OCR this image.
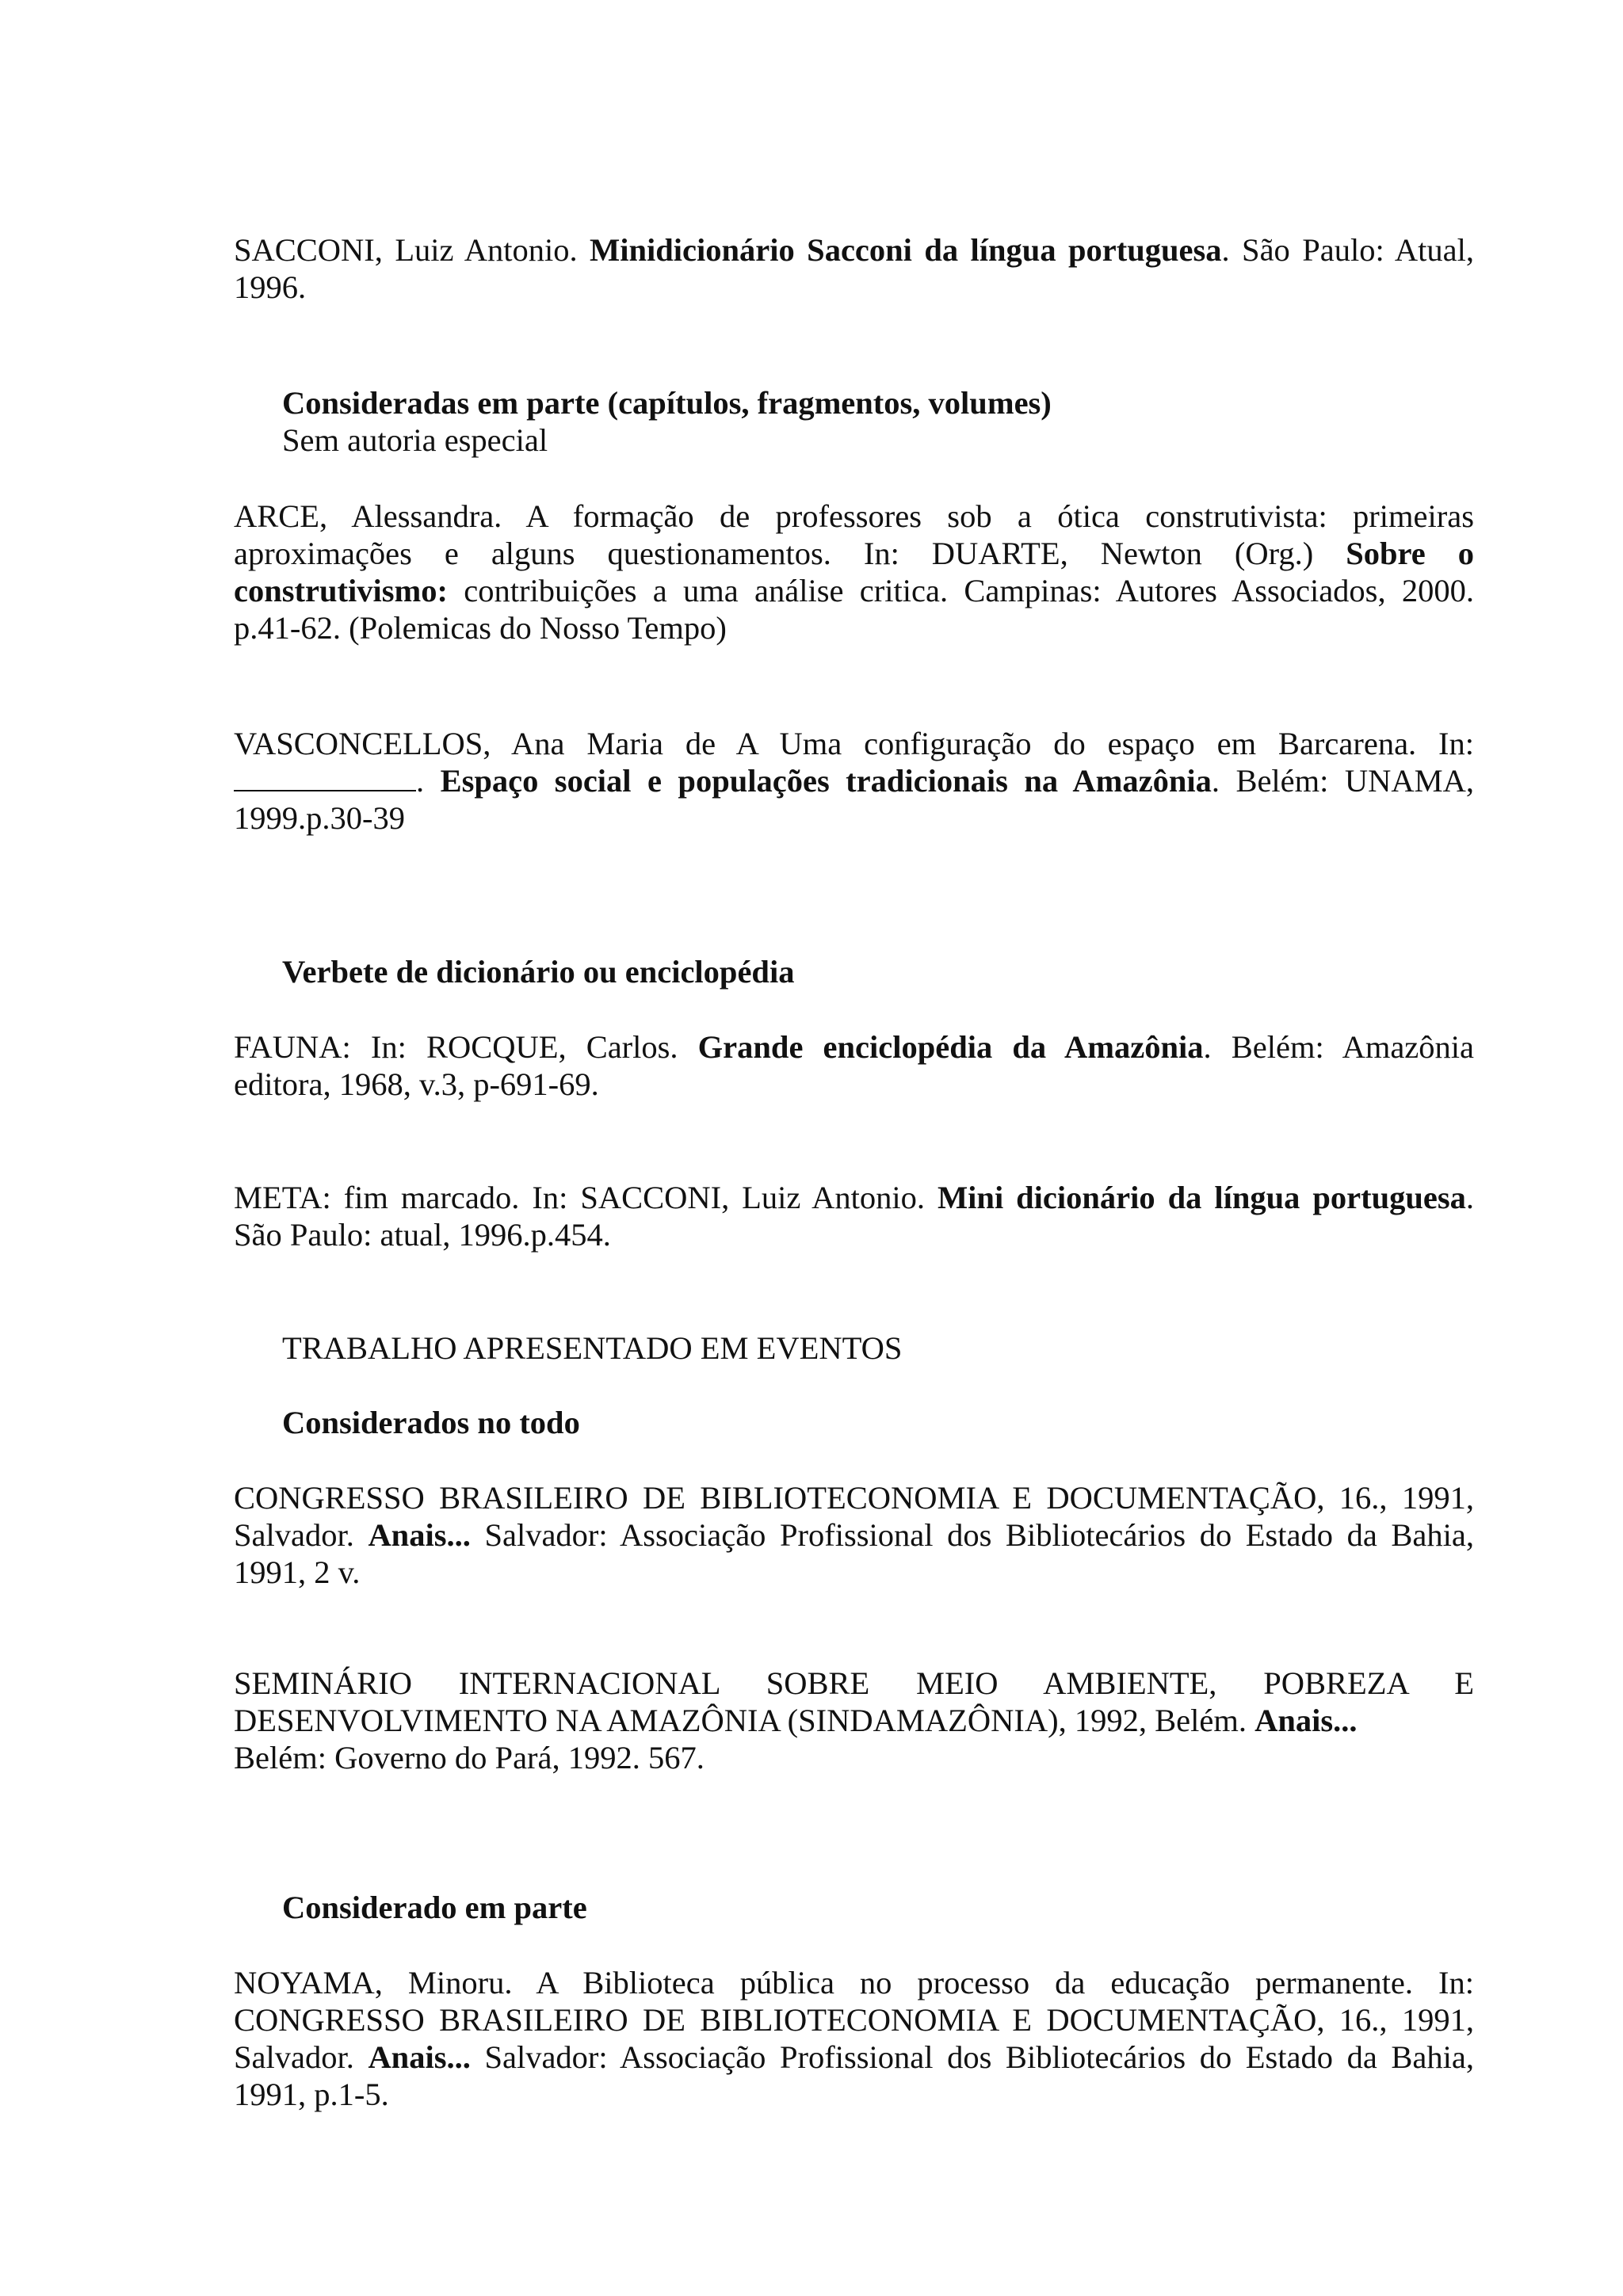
SACCONI, Luiz Antonio. Minidicionário Sacconi da língua portuguesa. São Paulo: Atual,
1996.
Consideradas em parte (capítulos, fragmentos, volumes)
Sem autoria especial
ARCE, Alessandra. A formação de professores sob a ótica construtivista: primeiras
aproximações e alguns questionamentos. In: DUARTE, Newton (Org.) Sobre o
construtivismo: contribuições a uma análise critica. Campinas: Autores Associados, 2000.
p.41-62. (Polemicas do Nosso Tempo)
VASCONCELLOS, Ana Maria de A Uma configuração do espaço em Barcarena. In:
. Espaço social e populações tradicionais na Amazônia. Belém: UNAMA,
1999.p.30-39
Verbete de dicionário ou enciclopédia
FAUNA: In: ROCQUE, Carlos. Grande enciclopédia da Amazônia. Belém: Amazônia
editora, 1968, v.3, p-691-69.
META: fim marcado. In: SACCONI, Luiz Antonio. Mini dicionário da língua portuguesa.
São Paulo: atual, 1996.p.454.
TRABALHO APRESENTADO EM EVENTOS
Considerados no todo
CONGRESSO BRASILEIRO DE BIBLIOTECONOMIA E DOCUMENTAÇÃO, 16., 1991,
Salvador. Anais... Salvador: Associação Profissional dos Bibliotecários do Estado da Bahia,
1991, 2 v.
SEMINÁRIO INTERNACIONAL SOBRE MEIO AMBIENTE, POBREZA E
DESENVOLVIMENTO NA AMAZÔNIA (SINDAMAZÔNIA), 1992, Belém. Anais...
Belém: Governo do Pará, 1992. 567.
Considerado em parte
NOYAMA, Minoru. A Biblioteca pública no processo da educação permanente. In:
CONGRESSO BRASILEIRO DE BIBLIOTECONOMIA E DOCUMENTAÇÃO, 16., 1991,
Salvador. Anais... Salvador: Associação Profissional dos Bibliotecários do Estado da Bahia,
1991, p.1-5.
